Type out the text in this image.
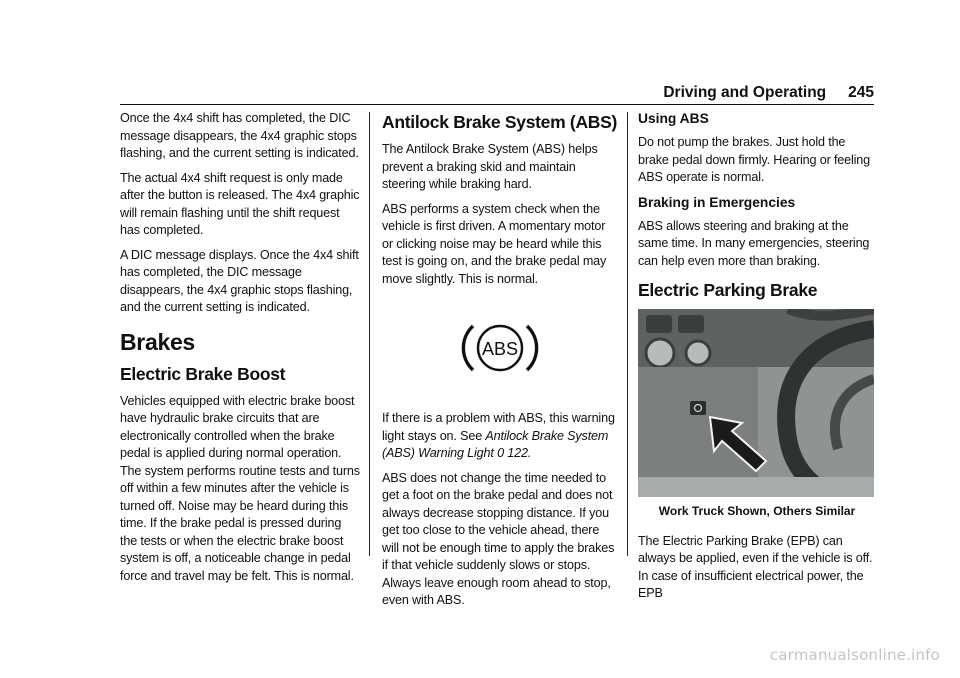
Driving and Operating 245

Once the 4x4 shift has completed, the DIC message disappears, the 4x4 graphic stops flashing, and the current setting is indicated.

The actual 4x4 shift request is only made after the button is released. The 4x4 graphic will remain flashing until the shift request has completed.

A DIC message displays. Once the 4x4 shift has completed, the DIC message disappears, the 4x4 graphic stops flashing, and the current setting is indicated.

Brakes
Electric Brake Boost

Vehicles equipped with electric brake boost have hydraulic brake circuits that are electronically controlled when the brake pedal is applied during normal operation. The system performs routine tests and turns off within a few minutes after the vehicle is turned off. Noise may be heard during this time. If the brake pedal is pressed during the tests or when the electric brake boost system is off, a noticeable change in pedal force and travel may be felt. This is normal.

Antilock Brake System (ABS)

The Antilock Brake System (ABS) helps prevent a braking skid and maintain steering while braking hard.

ABS performs a system check when the vehicle is first driven. A momentary motor or clicking noise may be heard while this test is going on, and the brake pedal may move slightly. This is normal.

ABS

If there is a problem with ABS, this warning light stays on. See Antilock Brake System (ABS) Warning Light 0 122.

ABS does not change the time needed to get a foot on the brake pedal and does not always decrease stopping distance. If you get too close to the vehicle ahead, there will not be enough time to apply the brakes if that vehicle suddenly slows or stops. Always leave enough room ahead to stop, even with ABS.

Using ABS

Do not pump the brakes. Just hold the brake pedal down firmly. Hearing or feeling ABS operate is normal.

Braking in Emergencies

ABS allows steering and braking at the same time. In many emergencies, steering can help even more than braking.

Electric Parking Brake
Work Truck Shown, Others Similar

The Electric Parking Brake (EPB) can always be applied, even if the vehicle is off. In case of insufficient electrical power, the EPB

carmanualsonline.info
